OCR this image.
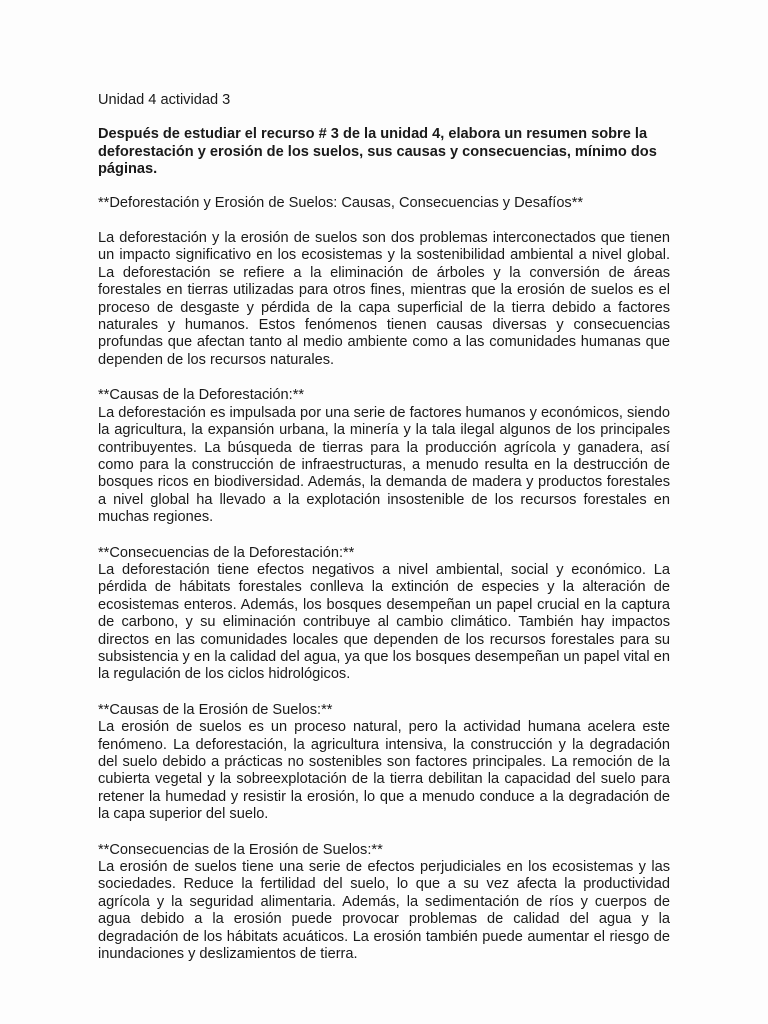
Unidad 4 actividad 3

Después de estudiar el recurso # 3 de la unidad 4, elabora un resumen sobre la deforestación y erosión de los suelos, sus causas y consecuencias, mínimo dos páginas.

**Deforestación y Erosión de Suelos: Causas, Consecuencias y Desafíos**

La deforestación y la erosión de suelos son dos problemas interconectados que tienen un impacto significativo en los ecosistemas y la sostenibilidad ambiental a nivel global. La deforestación se refiere a la eliminación de árboles y la conversión de áreas forestales en tierras utilizadas para otros fines, mientras que la erosión de suelos es el proceso de desgaste y pérdida de la capa superficial de la tierra debido a factores naturales y humanos. Estos fenómenos tienen causas diversas y consecuencias profundas que afectan tanto al medio ambiente como a las comunidades humanas que dependen de los recursos naturales.

**Causas de la Deforestación:**

La deforestación es impulsada por una serie de factores humanos y económicos, siendo la agricultura, la expansión urbana, la minería y la tala ilegal algunos de los principales contribuyentes. La búsqueda de tierras para la producción agrícola y ganadera, así como para la construcción de infraestructuras, a menudo resulta en la destrucción de bosques ricos en biodiversidad. Además, la demanda de madera y productos forestales a nivel global ha llevado a la explotación insostenible de los recursos forestales en muchas regiones.

**Consecuencias de la Deforestación:**

La deforestación tiene efectos negativos a nivel ambiental, social y económico. La pérdida de hábitats forestales conlleva la extinción de especies y la alteración de ecosistemas enteros. Además, los bosques desempeñan un papel crucial en la captura de carbono, y su eliminación contribuye al cambio climático. También hay impactos directos en las comunidades locales que dependen de los recursos forestales para su subsistencia y en la calidad del agua, ya que los bosques desempeñan un papel vital en la regulación de los ciclos hidrológicos.

**Causas de la Erosión de Suelos:**

La erosión de suelos es un proceso natural, pero la actividad humana acelera este fenómeno. La deforestación, la agricultura intensiva, la construcción y la degradación del suelo debido a prácticas no sostenibles son factores principales. La remoción de la cubierta vegetal y la sobreexplotación de la tierra debilitan la capacidad del suelo para retener la humedad y resistir la erosión, lo que a menudo conduce a la degradación de la capa superior del suelo.

**Consecuencias de la Erosión de Suelos:**

La erosión de suelos tiene una serie de efectos perjudiciales en los ecosistemas y las sociedades. Reduce la fertilidad del suelo, lo que a su vez afecta la productividad agrícola y la seguridad alimentaria. Además, la sedimentación de ríos y cuerpos de agua debido a la erosión puede provocar problemas de calidad del agua y la degradación de los hábitats acuáticos. La erosión también puede aumentar el riesgo de inundaciones y deslizamientos de tierra.
